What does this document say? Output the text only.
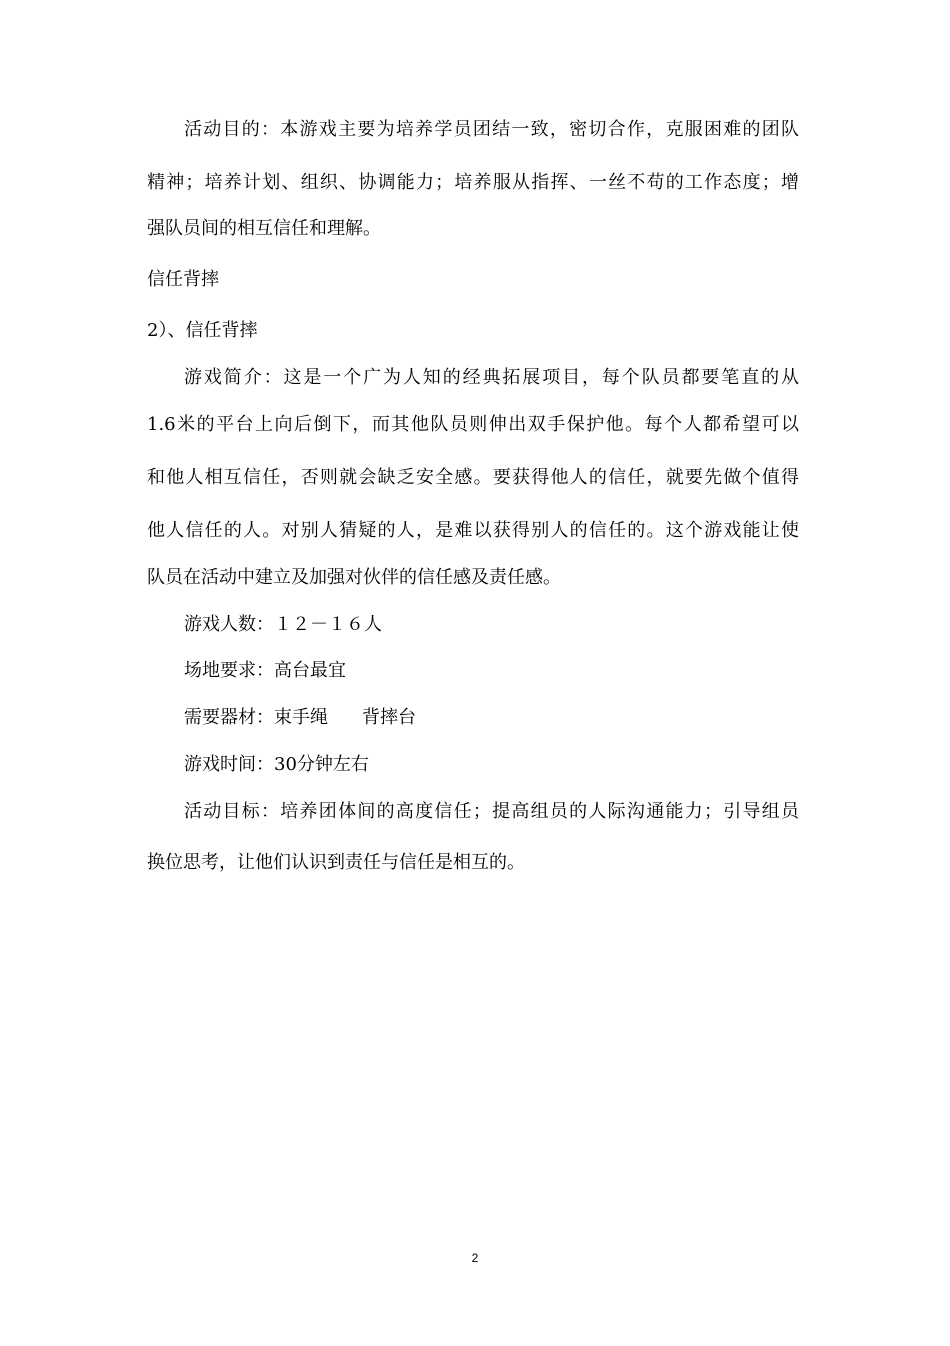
活动目的：本游戏主要为培养学员团结一致，密切合作，克服困难的团队
精神；培养计划、组织、协调能力；培养服从指挥、一丝不苟的工作态度；增
强队员间的相互信任和理解。
信任背摔
2）、信任背摔
游戏简介：这是一个广为人知的经典拓展项目，每个队员都要笔直的从
1.6米的平台上向后倒下，而其他队员则伸出双手保护他。每个人都希望可以
和他人相互信任，否则就会缺乏安全感。要获得他人的信任，就要先做个值得
他人信任的人。对别人猜疑的人，是难以获得别人的信任的。这个游戏能让使
队员在活动中建立及加强对伙伴的信任感及责任感。
游戏人数：１２－１６人
场地要求：高台最宜
需要器材：束手绳 背摔台
游戏时间：30分钟左右
活动目标：培养团体间的高度信任；提高组员的人际沟通能力；引导组员
换位思考，让他们认识到责任与信任是相互的。
2
